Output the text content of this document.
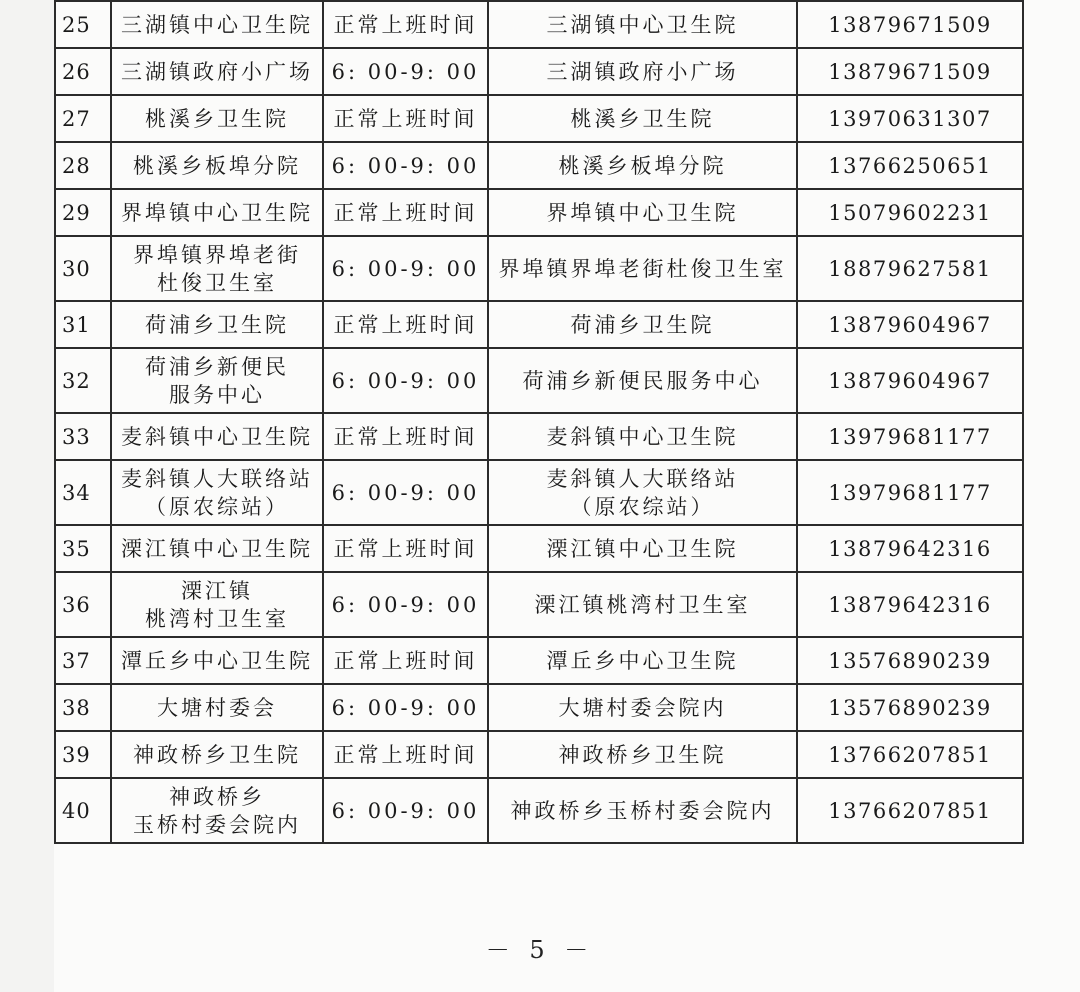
25	三湖镇中心卫生院	正常上班时间	三湖镇中心卫生院	13879671509
26	三湖镇政府小广场	6: 00-9: 00	三湖镇政府小广场	13879671509
27	桃溪乡卫生院	正常上班时间	桃溪乡卫生院	13970631307
28	桃溪乡板埠分院	6: 00-9: 00	桃溪乡板埠分院	13766250651
29	界埠镇中心卫生院	正常上班时间	界埠镇中心卫生院	15079602231
30	界埠镇界埠老街
杜俊卫生室	6: 00-9: 00	界埠镇界埠老街杜俊卫生室	18879627581
31	荷浦乡卫生院	正常上班时间	荷浦乡卫生院	13879604967
32	荷浦乡新便民
服务中心	6: 00-9: 00	荷浦乡新便民服务中心	13879604967
33	麦斜镇中心卫生院	正常上班时间	麦斜镇中心卫生院	13979681177
34	麦斜镇人大联络站
（原农综站）	6: 00-9: 00	麦斜镇人大联络站
（原农综站）	13979681177
35	溧江镇中心卫生院	正常上班时间	溧江镇中心卫生院	13879642316
36	溧江镇
桃湾村卫生室	6: 00-9: 00	溧江镇桃湾村卫生室	13879642316
37	潭丘乡中心卫生院	正常上班时间	潭丘乡中心卫生院	13576890239
38	大塘村委会	6: 00-9: 00	大塘村委会院内	13576890239
39	神政桥乡卫生院	正常上班时间	神政桥乡卫生院	13766207851
40	神政桥乡
玉桥村委会院内	6: 00-9: 00	神政桥乡玉桥村委会院内	13766207851
－ 5 －
